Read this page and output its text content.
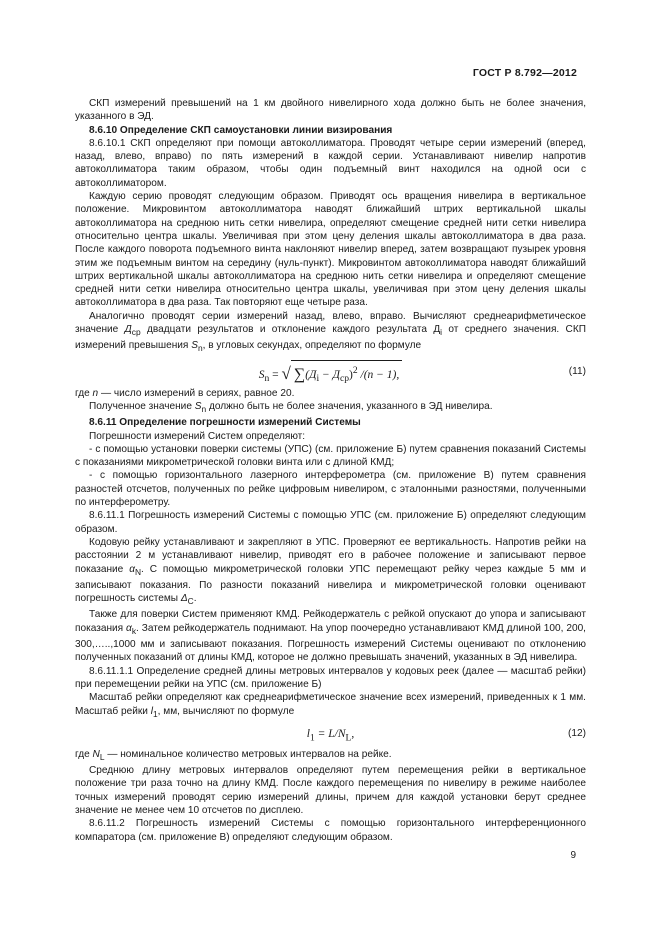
ГОСТ Р 8.792—2012

СКП измерений превышений на 1 км двойного нивелирного хода должно быть не более значения, указанного в ЭД.

8.6.10 Определение СКП самоустановки линии визирования

8.6.10.1 СКП определяют при помощи автоколлиматора. Проводят четыре серии измерений (вперед, назад, влево, вправо) по пять измерений в каждой серии. Устанавливают нивелир напротив автоколлиматора таким образом, чтобы один подъемный винт находился на одной оси с автоколлиматором.

Каждую серию проводят следующим образом. Приводят ось вращения нивелира в вертикальное положение. Микровинтом автоколлиматора наводят ближайший штрих вертикальной шкалы автоколлиматора на среднюю нить сетки нивелира, определяют смещение средней нити сетки нивелира относительно центра шкалы. Увеличивая при этом цену деления шкалы автоколлиматора в два раза. После каждого поворота подъемного винта наклоняют нивелир вперед, затем возвращают пузырек уровня этим же подъемным винтом на середину (нуль-пункт). Микровинтом автоколлиматора наводят ближайший штрих вертикальной шкалы автоколлиматора на среднюю нить сетки нивелира и определяют смещение средней нити сетки нивелира относительно центра шкалы, увеличивая при этом цену деления шкалы автоколлиматора в два раза. Так повторяют еще четыре раза.

Аналогично проводят серии измерений назад, влево, вправо. Вычисляют среднеарифметическое значение $Д_{ср}$ двадцати результатов и отклонение каждого результата $Д_i$ от среднего значения. СКП измерений превышения $S_n$, в угловых секундах, определяют по формуле

$S_n$ = √ $\sum(Д_i - Д_{ср})^2$ /(n − 1),	(11)

где n — число измерений в сериях, равное 20.

Полученное значение $S_n$ должно быть не более значения, указанного в ЭД нивелира.

8.6.11 Определение погрешности измерений Системы

Погрешности измерений Систем определяют:

- с помощью установки поверки системы (УПС) (см. приложение Б) путем сравнения показаний Системы с показаниями микрометрической головки винта или с длиной КМД;

- с помощью горизонтального лазерного интерферометра (см. приложение В) путем сравнения разностей отсчетов, полученных по рейке цифровым нивелиром, с эталонными разностями, полученными по интерферометру.

8.6.11.1 Погрешность измерений Системы с помощью УПС (см. приложение Б) определяют следующим образом.

Кодовую рейку устанавливают и закрепляют в УПС. Проверяют ее вертикальность. Напротив рейки на расстоянии 2 м устанавливают нивелир, приводят его в рабочее положение и записывают первое показание $\alpha_N$. С помощью микрометрической головки УПС перемещают рейку через каждые 5 мм и записывают показания. По разности показаний нивелира и микрометрической головки оценивают погрешность системы $\Delta_С$.

Также для поверки Систем применяют КМД. Рейкодержатель с рейкой опускают до упора и записывают показания $\alpha_k$. Затем рейкодержатель поднимают. На упор поочередно устанавливают КМД длиной 100, 200, 300,…..,1000 мм и записывают показания. Погрешность измерений Системы оценивают по отклонению полученных показаний от длины КМД, которое не должно превышать значений, указанных в ЭД нивелира.

8.6.11.1.1 Определение средней длины метровых интервалов у кодовых реек (далее — масштаб рейки) при перемещении рейки на УПС (см. приложение Б)

Масштаб рейки определяют как среднеарифметическое значение всех измерений, приведенных к 1 мм. Масштаб рейки $l_1$, мм, вычисляют по формуле

$l_1 = L/N_L$,	(12)

где $N_L$ — номинальное количество метровых интервалов на рейке.

Среднюю длину метровых интервалов определяют путем перемещения рейки в вертикальное положение три раза точно на длину КМД. После каждого перемещения по нивелиру в режиме наиболее точных измерений проводят серию измерений длины, причем для каждой установки берут среднее значение не менее чем 10 отсчетов по дисплею.

8.6.11.2 Погрешность измерений Системы с помощью горизонтального интерференционного компаратора (см. приложение В) определяют следующим образом.

9
